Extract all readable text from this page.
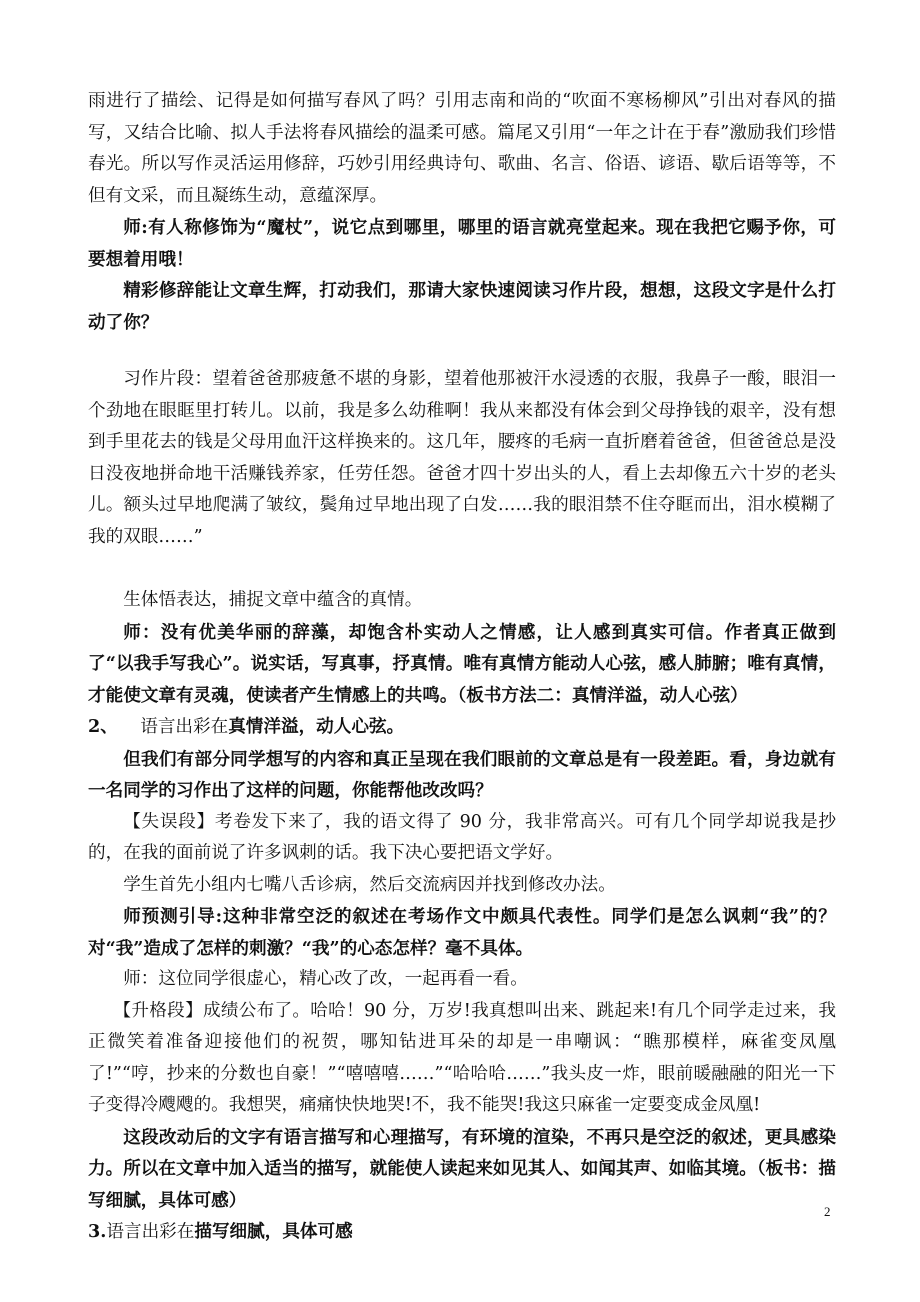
雨进行了描绘、记得是如何描写春风了吗？引用志南和尚的“吹面不寒杨柳风”引出对春风的描写，又结合比喻、拟人手法将春风描绘的温柔可感。篇尾又引用“一年之计在于春”激励我们珍惜春光。所以写作灵活运用修辞，巧妙引用经典诗句、歌曲、名言、俗语、谚语、歇后语等等，不但有文采，而且凝练生动，意蕴深厚。

师:有人称修饰为“魔杖”，说它点到哪里，哪里的语言就亮堂起来。现在我把它赐予你，可要想着用哦！

精彩修辞能让文章生辉，打动我们，那请大家快速阅读习作片段，想想，这段文字是什么打动了你？

习作片段：望着爸爸那疲惫不堪的身影，望着他那被汗水浸透的衣服，我鼻子一酸，眼泪一个劲地在眼眶里打转儿。以前，我是多么幼稚啊！我从来都没有体会到父母挣钱的艰辛，没有想到手里花去的钱是父母用血汗这样换来的。这几年，腰疼的毛病一直折磨着爸爸，但爸爸总是没日没夜地拼命地干活赚钱养家，任劳任怨。爸爸才四十岁出头的人，看上去却像五六十岁的老头儿。额头过早地爬满了皱纹，鬓角过早地出现了白发……我的眼泪禁不住夺眶而出，泪水模糊了我的双眼……”

生体悟表达，捕捉文章中蕴含的真情。

师：没有优美华丽的辞藻，却饱含朴实动人之情感，让人感到真实可信。作者真正做到了“以我手写我心”。说实话，写真事，抒真情。唯有真情方能动人心弦，感人肺腑；唯有真情，才能使文章有灵魂，使读者产生情感上的共鸣。（板书方法二：真情洋溢，动人心弦）

2、 语言出彩在真情洋溢，动人心弦。

但我们有部分同学想写的内容和真正呈现在我们眼前的文章总是有一段差距。看，身边就有一名同学的习作出了这样的问题，你能帮他改改吗？

【失误段】考卷发下来了，我的语文得了 90 分，我非常高兴。可有几个同学却说我是抄的，在我的面前说了许多讽刺的话。我下决心要把语文学好。

学生首先小组内七嘴八舌诊病，然后交流病因并找到修改办法。

师预测引导:这种非常空泛的叙述在考场作文中颇具代表性。同学们是怎么讽刺“我”的？对“我”造成了怎样的刺激？“我”的心态怎样？毫不具体。

师：这位同学很虚心，精心改了改，一起再看一看。

【升格段】成绩公布了。哈哈！90 分，万岁!我真想叫出来、跳起来!有几个同学走过来，我正微笑着准备迎接他们的祝贺，哪知钻进耳朵的却是一串嘲讽：“瞧那模样，麻雀变凤凰了!”“哼，抄来的分数也自豪！”“嘻嘻嘻……”“哈哈哈……”我头皮一炸，眼前暖融融的阳光一下子变得冷飕飕的。我想哭，痛痛快快地哭!不，我不能哭!我这只麻雀一定要变成金凤凰!

这段改动后的文字有语言描写和心理描写，有环境的渲染，不再只是空泛的叙述，更具感染力。所以在文章中加入适当的描写，就能使人读起来如见其人、如闻其声、如临其境。（板书：描写细腻，具体可感）

3.语言出彩在描写细腻，具体可感

2
